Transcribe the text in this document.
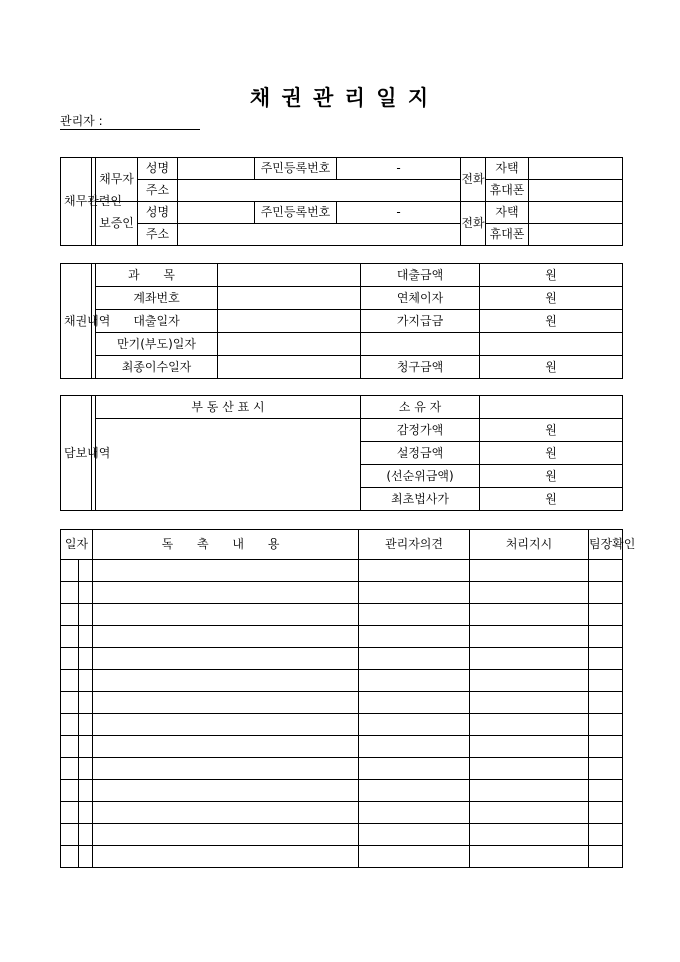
채 권 관 리 일 지
관리자 :
채무관련인		채무자	성명		주민등록번호	-	전화	자택	
			주소					휴대폰	
		보증인	성명		주민등록번호	-	전화	자택	
			주소					휴대폰	
채권내역		과 목		대출금액	원
		계좌번호		연체이자	원
		대출일자		가지급금	원
		만기(부도)일자			
		최종이수일자		청구금액	원
담보내역		부 동 산 표 시	소 유 자	
			감정가액	원
			설정금액	원
			(선순위금액)	원
			최초법사가	원
일자		독 촉 내 용	관리자의견	처리지시	팀장확인
